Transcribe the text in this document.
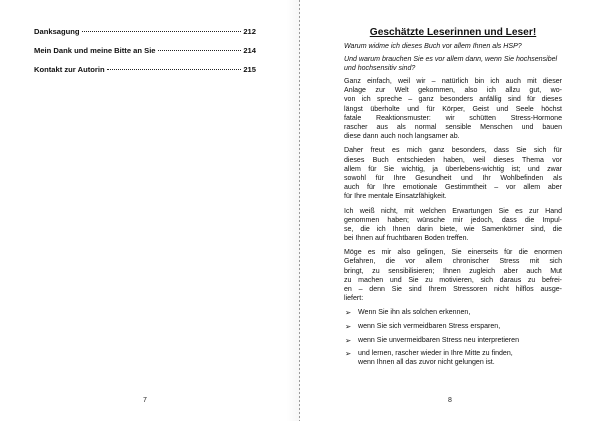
Danksagung	212
Mein Dank und meine Bitte an Sie	214
Kontakt zur Autorin	215
7
Geschätzte Leserinnen und Leser!
Warum widme ich dieses Buch vor allem Ihnen als HSP?
Und warum brauchen Sie es vor allem dann, wenn Sie hochsensibel und hochsensitiv sind?
Ganz einfach, weil wir – natürlich bin ich auch mit dieser
Anlage zur Welt gekommen, also ich allzu gut, wo-
von ich spreche – ganz besonders anfällig sind für dieses
längst überholte und für Körper, Geist und Seele höchst
fatale Reaktionsmuster: wir schütten Stress-Hormone
rascher aus als normal sensible Menschen und bauen
diese dann auch noch langsamer ab.
Daher freut es mich ganz besonders, dass Sie sich für
dieses Buch entschieden haben, weil dieses Thema vor
allem für Sie wichtig, ja überlebens-wichtig ist; und zwar
sowohl für Ihre Gesundheit und Ihr Wohlbefinden als
auch für Ihre emotionale Gestimmtheit – vor allem aber
für Ihre mentale Einsatzfähigkeit.
Ich weiß nicht, mit welchen Erwartungen Sie es zur Hand
genommen haben; wünsche mir jedoch, dass die Impul-
se, die ich Ihnen darin biete, wie Samenkörner sind, die
bei Ihnen auf fruchtbaren Boden treffen.
Möge es mir also gelingen, Sie einerseits für die enormen
Gefahren, die vor allem chronischer Stress mit sich
bringt, zu sensibilisieren; Ihnen zugleich aber auch Mut
zu machen und Sie zu motivieren, sich daraus zu befrei-
en – denn Sie sind Ihrem Stressoren nicht hilflos ausge-
liefert:
➢ Wenn Sie ihn als solchen erkennen,
➢ wenn Sie sich vermeidbaren Stress ersparen,
➢ wenn Sie unvermeidbaren Stress neu interpretieren
➢ und lernen, rascher wieder in Ihre Mitte zu finden,
wenn Ihnen all das zuvor nicht gelungen ist.
8
